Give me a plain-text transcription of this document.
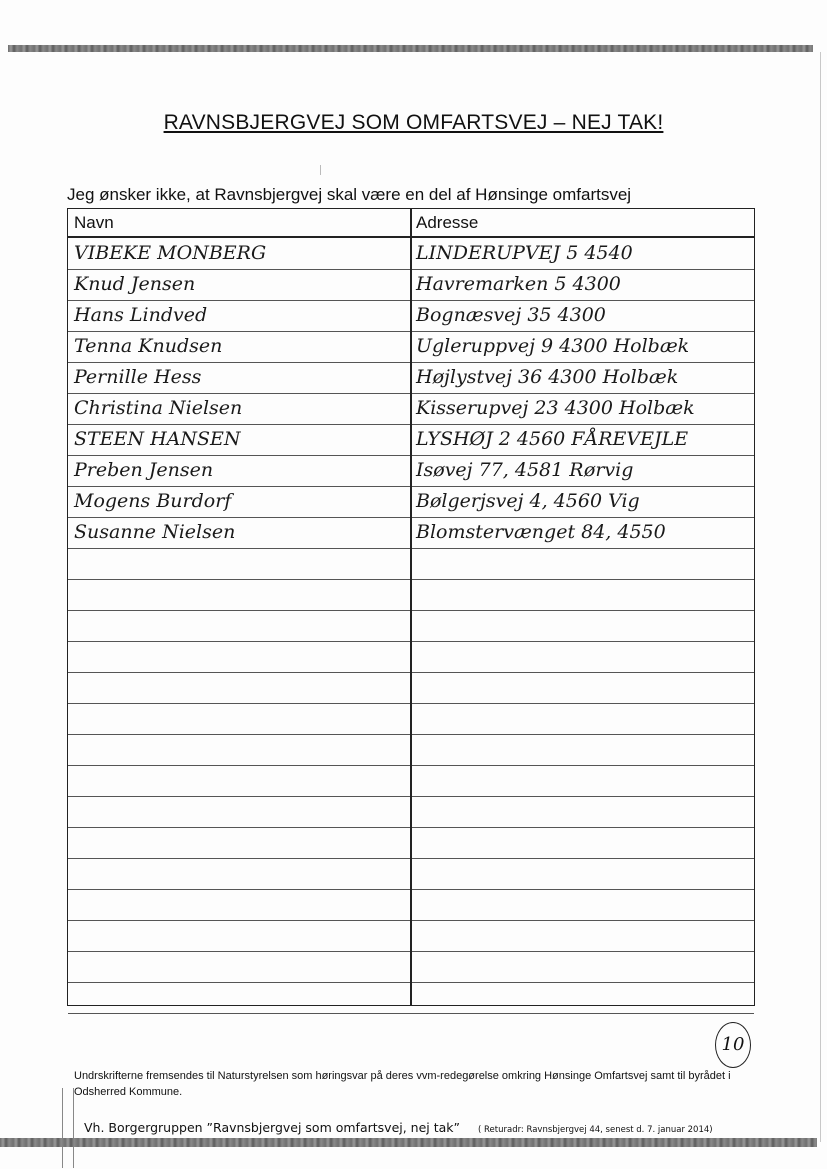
RAVNSBJERGVEJ SOM OMFARTSVEJ – NEJ TAK!
Jeg ønsker ikke, at Ravnsbjergvej skal være en del af Hønsinge omfartsvej
Navn	Adresse
VIBEKE MONBERG	LINDERUPVEJ 5 4540
Knud Jensen	Havremarken 5 4300
Hans Lindved	Bognæsvej 35 4300
Tenna Knudsen	Ugleruppvej 9 4300 Holbæk
Pernille Hess	Højlystvej 36 4300 Holbæk
Christina Nielsen	Kisserupvej 23 4300 Holbæk
STEEN HANSEN	LYSHØJ 2 4560 FÅREVEJLE
Preben Jensen	Isøvej 77, 4581 Rørvig
Mogens Burdorf	Bølgerjsvej 4, 4560 Vig
Susanne Nielsen	Blomstervænget 84, 4550
10
Undrskrifterne fremsendes til Naturstyrelsen som høringsvar på deres vvm-redegørelse omkring Hønsinge Omfartsvej samt til byrådet i Odsherred Kommune.
Vh. Borgergruppen ”Ravnsbjergvej som omfartsvej, nej tak” ( Returadr: Ravnsbjergvej 44, senest d. 7. januar 2014)
